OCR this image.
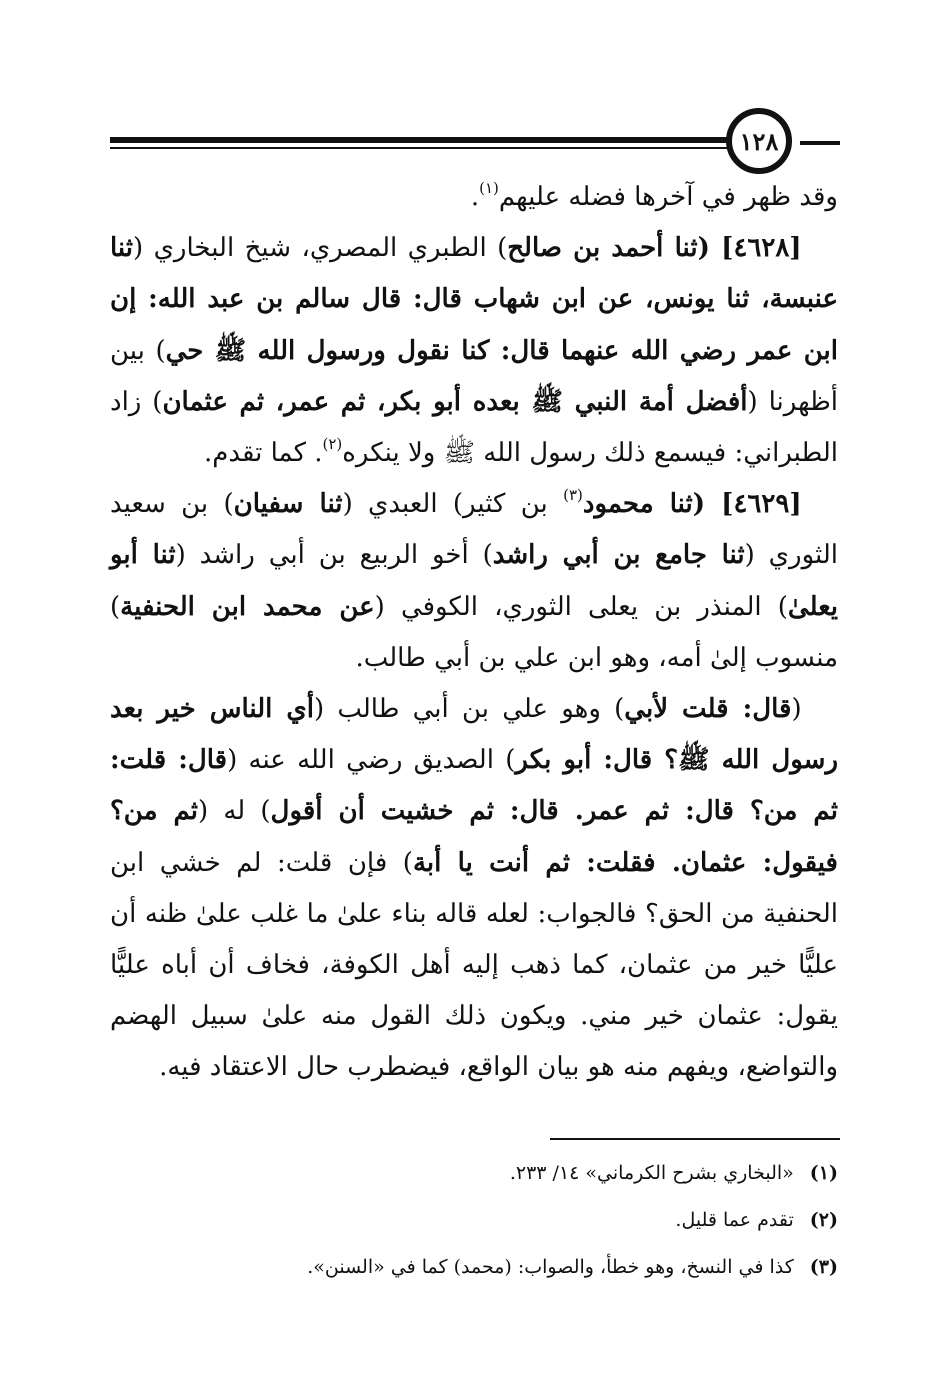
١٢٨

وقد ظهر في آخرها فضله عليهم$^{(١)}$.

[٤٦٢٨] (ثنا أحمد بن صالح) الطبري المصري، شيخ البخاري (ثنا عنبسة، ثنا يونس، عن ابن شهاب قال: قال سالم بن عبد الله: إن ابن عمر رضي الله عنهما قال: كنا نقول ورسول الله ﷺ حي) بين أظهرنا (أفضل أمة النبي ﷺ بعده أبو بكر، ثم عمر، ثم عثمان) زاد الطبراني: فيسمع ذلك رسول الله ﷺ ولا ينكره$^{(٢)}$. كما تقدم.

[٤٦٢٩] (ثنا محمود$^{(٣)}$ بن كثير) العبدي (ثنا سفيان) بن سعيد الثوري (ثنا جامع بن أبي راشد) أخو الربيع بن أبي راشد (ثنا أبو يعلىٰ) المنذر بن يعلى الثوري، الكوفي (عن محمد ابن الحنفية) منسوب إلىٰ أمه، وهو ابن علي بن أبي طالب.

(قال: قلت لأبي) وهو علي بن أبي طالب (أي الناس خير بعد رسول الله ﷺ؟ قال: أبو بكر) الصديق رضي الله عنه (قال: قلت: ثم من؟ قال: ثم عمر. قال: ثم خشيت أن أقول) له (ثم من؟ فيقول: عثمان. فقلت: ثم أنت يا أبة) فإن قلت: لم خشي ابن الحنفية من الحق؟ فالجواب: لعله قاله بناء علىٰ ما غلب علىٰ ظنه أن عليًّا خير من عثمان، كما ذهب إليه أهل الكوفة، فخاف أن أباه عليًّا يقول: عثمان خير مني. ويكون ذلك القول منه علىٰ سبيل الهضم والتواضع، ويفهم منه هو بيان الواقع، فيضطرب حال الاعتقاد فيه.

(١)«البخاري بشرح الكرماني» ١٤/ ٢٣٣.

(٢)تقدم عما قليل.

(٣)كذا في النسخ، وهو خطأ، والصواب: (محمد) كما في «السنن».
